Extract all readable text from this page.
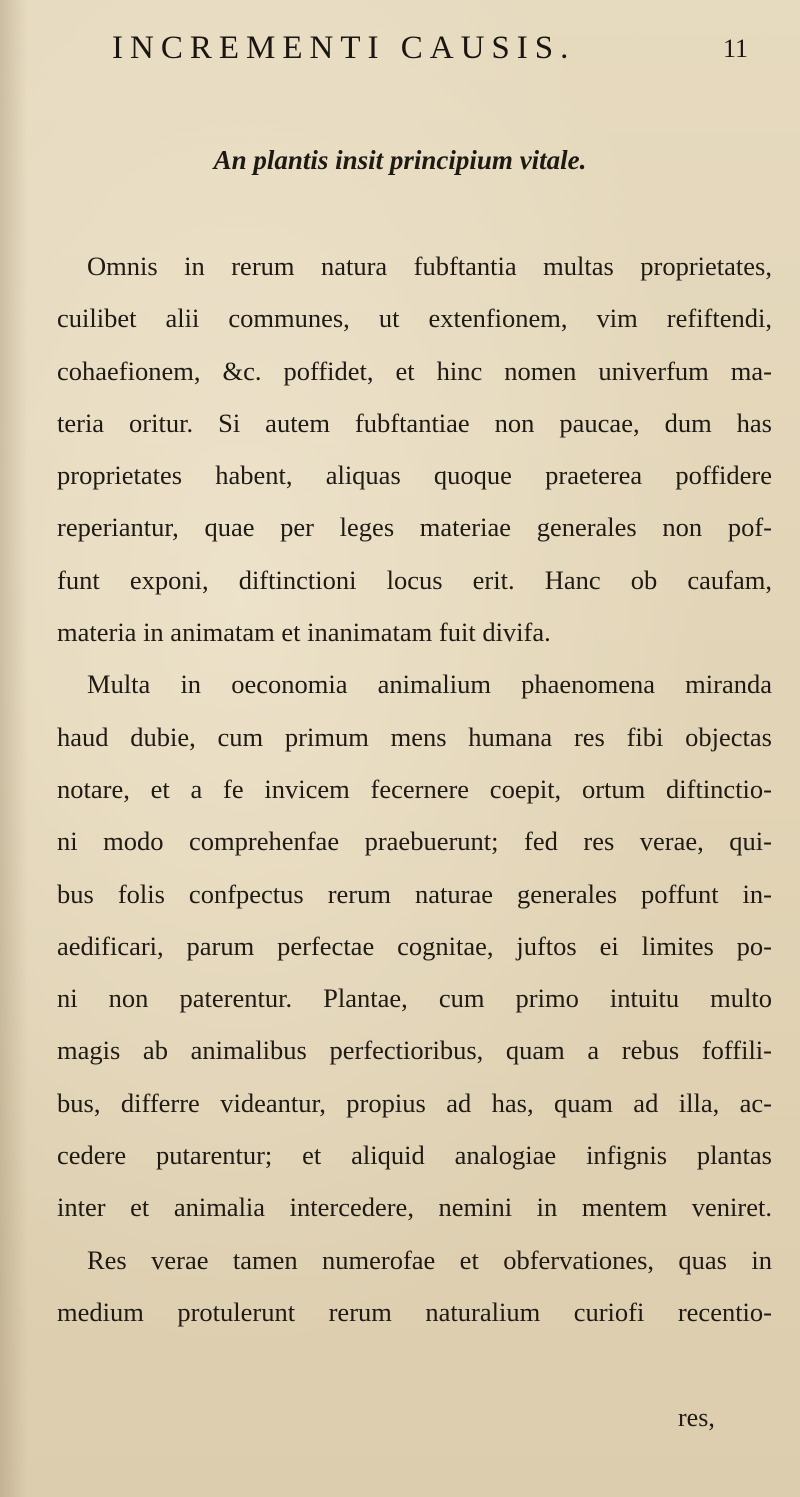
INCREMENTI CAUSIS.	11
An plantis insit principium vitale.
Omnis in rerum natura fubftantia multas proprietates,
cuilibet alii communes, ut extenfionem, vim refiftendi,
cohaefionem, &c. poffidet, et hinc nomen univerfum ma-
teria oritur. Si autem fubftantiae non paucae, dum has
proprietates habent, aliquas quoque praeterea poffidere
reperiantur, quae per leges materiae generales non pof-
funt exponi, diftinctioni locus erit. Hanc ob caufam,
materia in animatam et inanimatam fuit divifa.
Multa in oeconomia animalium phaenomena miranda
haud dubie, cum primum mens humana res fibi objectas
notare, et a fe invicem fecernere coepit, ortum diftinctio-
ni modo comprehenfae praebuerunt; fed res verae, qui-
bus folis confpectus rerum naturae generales poffunt in-
aedificari, parum perfectae cognitae, juftos ei limites po-
ni non paterentur. Plantae, cum primo intuitu multo
magis ab animalibus perfectioribus, quam a rebus foffili-
bus, differre videantur, propius ad has, quam ad illa, ac-
cedere putarentur; et aliquid analogiae infignis plantas
inter et animalia intercedere, nemini in mentem veniret.
Res verae tamen numerofae et obfervationes, quas in
medium protulerunt rerum naturalium curiofi recentio-
res,
